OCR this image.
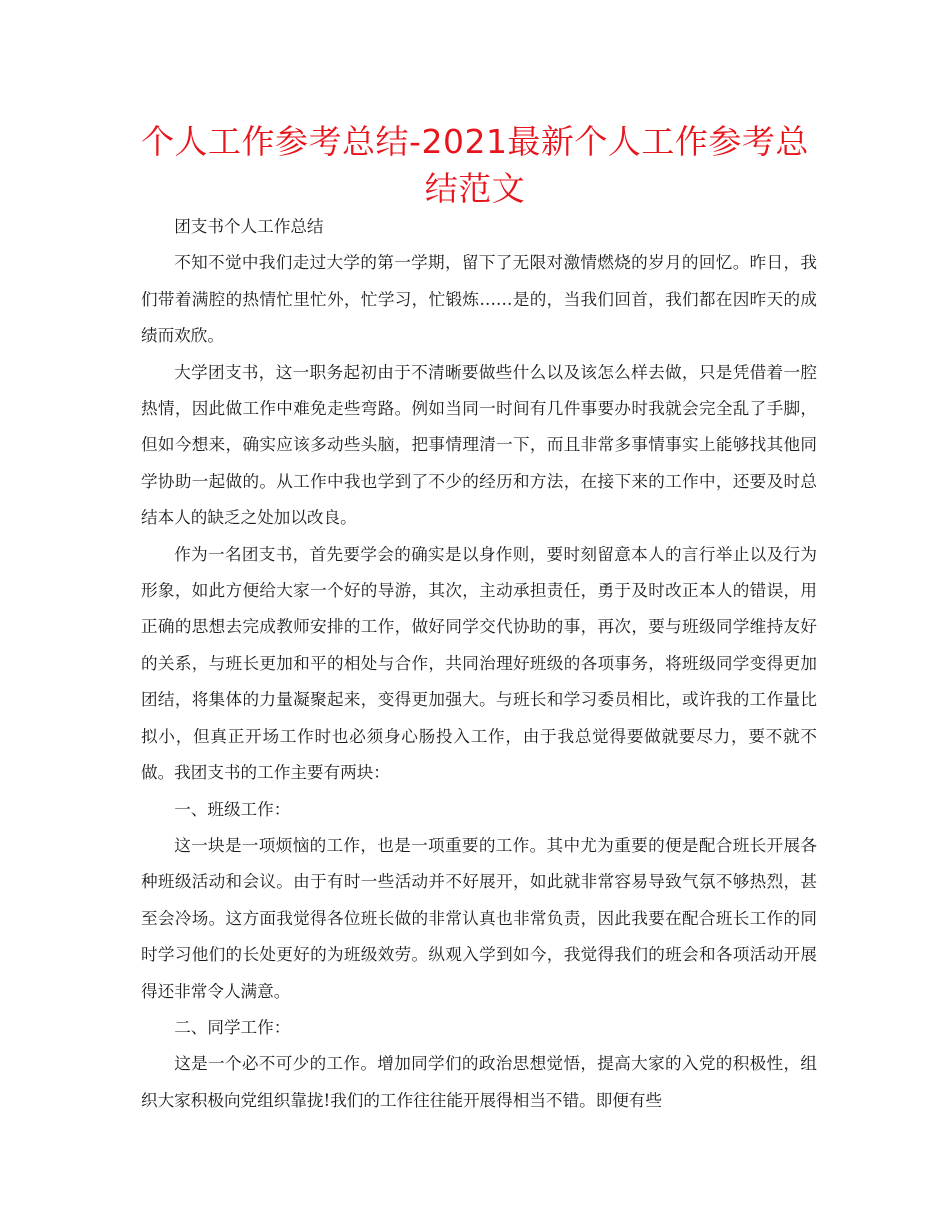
个人工作参考总结-2021最新个人工作参考总结范文

团支书个人工作总结

不知不觉中我们走过大学的第一学期，留下了无限对激情燃烧的岁月的回忆。昨日，我们带着满腔的热情忙里忙外，忙学习，忙锻炼……是的，当我们回首，我们都在因昨天的成绩而欢欣。

大学团支书，这一职务起初由于不清晰要做些什么以及该怎么样去做，只是凭借着一腔热情，因此做工作中难免走些弯路。例如当同一时间有几件事要办时我就会完全乱了手脚，但如今想来，确实应该多动些头脑，把事情理清一下，而且非常多事情事实上能够找其他同学协助一起做的。从工作中我也学到了不少的经历和方法，在接下来的工作中，还要及时总结本人的缺乏之处加以改良。

作为一名团支书，首先要学会的确实是以身作则，要时刻留意本人的言行举止以及行为形象，如此方便给大家一个好的导游，其次，主动承担责任，勇于及时改正本人的错误，用正确的思想去完成教师安排的工作，做好同学交代协助的事，再次，要与班级同学维持友好的关系，与班长更加和平的相处与合作，共同治理好班级的各项事务，将班级同学变得更加团结，将集体的力量凝聚起来，变得更加强大。与班长和学习委员相比，或许我的工作量比拟小，但真正开场工作时也必须身心肠投入工作，由于我总觉得要做就要尽力，要不就不做。我团支书的工作主要有两块：

一、班级工作：

这一块是一项烦恼的工作，也是一项重要的工作。其中尤为重要的便是配合班长开展各种班级活动和会议。由于有时一些活动并不好展开，如此就非常容易导致气氛不够热烈，甚至会冷场。这方面我觉得各位班长做的非常认真也非常负责，因此我要在配合班长工作的同时学习他们的长处更好的为班级效劳。纵观入学到如今，我觉得我们的班会和各项活动开展得还非常令人满意。

二、同学工作：

这是一个必不可少的工作。增加同学们的政治思想觉悟，提高大家的入党的积极性，组织大家积极向党组织靠拢!我们的工作往往能开展得相当不错。即便有些
